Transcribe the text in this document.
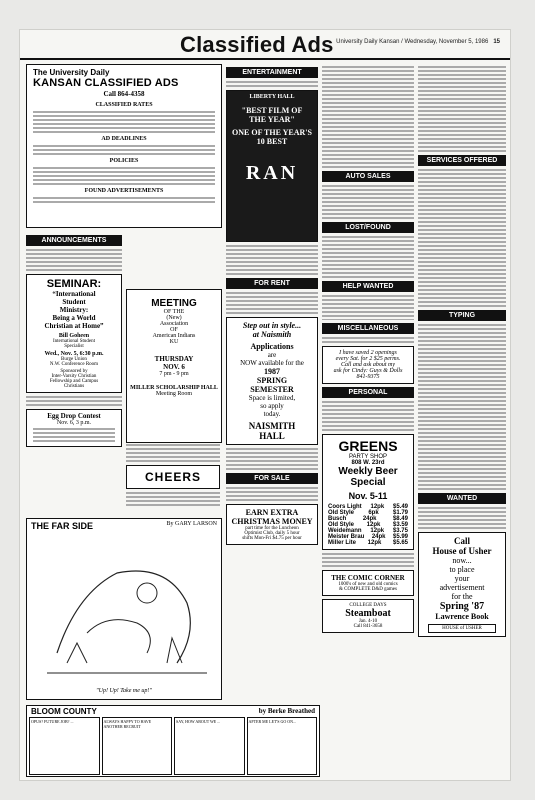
Classified Ads University Daily Kansan / Wednesday, November 5, 1986 15
The University Daily
KANSAN CLASSIFIED ADS
Call 864-4358
CLASSIFIED RATES
AD DEADLINES
POLICIES
FOUND ADVERTISEMENTS
ANNOUNCEMENTS
SEMINAR:
“International
Student
Ministry:
Being a World
Christian at Home”
Bill Goheen
International Student
Specialist
Wed., Nov. 5, 6:30 p.m.
Burge Union
N.W. Conference Room
Sponsored by
Inter-Varsity Christian
Fellowship and Campus
Christians
Egg Drop Contest
Nov. 6, 3 p.m.
MEETING
OF THE
(New)
Association
OF
American Indians
KU
THURSDAY
NOV. 6
7 pm - 9 pm
MILLER SCHOLARSHIP HALL
Meeting Room
CHEERS
ENTERTAINMENT
LIBERTY HALL
"BEST FILM OF
THE YEAR"
ONE OF THE YEAR'S
10 BEST
RAN
FOR RENT
Step out in style...
at Naismith
Applications
are
NOW available for the
1987
SPRING
SEMESTER
Space is limited,
so apply
today.
NAISMITH
HALL
FOR SALE
EARN EXTRA
CHRISTMAS MONEY
part time for the Luncheon
Optimist Club, daily 5 hour
shifts Mon-Fri $4.75 per hour
AUTO SALES
LOST/FOUND
HELP WANTED
MISCELLANEOUS
I have saved 2 openings
every Sat. for 2 $25 perms.
Call and ask about my
ask for Cindy: Guys & Dolls
841-9375
PERSONAL
GREENS
PARTY SHOP
808 W. 23rd
Weekly Beer
Special
Nov. 5-11
Coors Light 12pk $5.49
Old Style 6pk $1.79
Busch	24pk	$8.49
Old Style 12pk $3.59
Weidemann 12pk $3.75
Meister Brau 24pk $5.99
Miller Lite 12pk $5.65
THE COMIC CORNER
1000's of new and old comics
& COMPLETE D&D games
COLLEGE DAYS
Steamboat
Jan. 4-10
Call 841-3658
SERVICES OFFERED
TYPING
WANTED
Call
House of Usher
now...
to place
your
advertisement
for the
Spring '87
Lawrence Book
HOUSE of USHER
THE FAR SIDE	By GARY LARSON
"Up! Up! Take me up!"
BLOOM COUNTY	by Berke Breathed
OPUS? FUTURE JOB? ...	ALWAYS HAPPY TO HAVE ANOTHER RECRUIT
SAY, HOW ABOUT WE ...	AFTER ME LET'S GO ON...
